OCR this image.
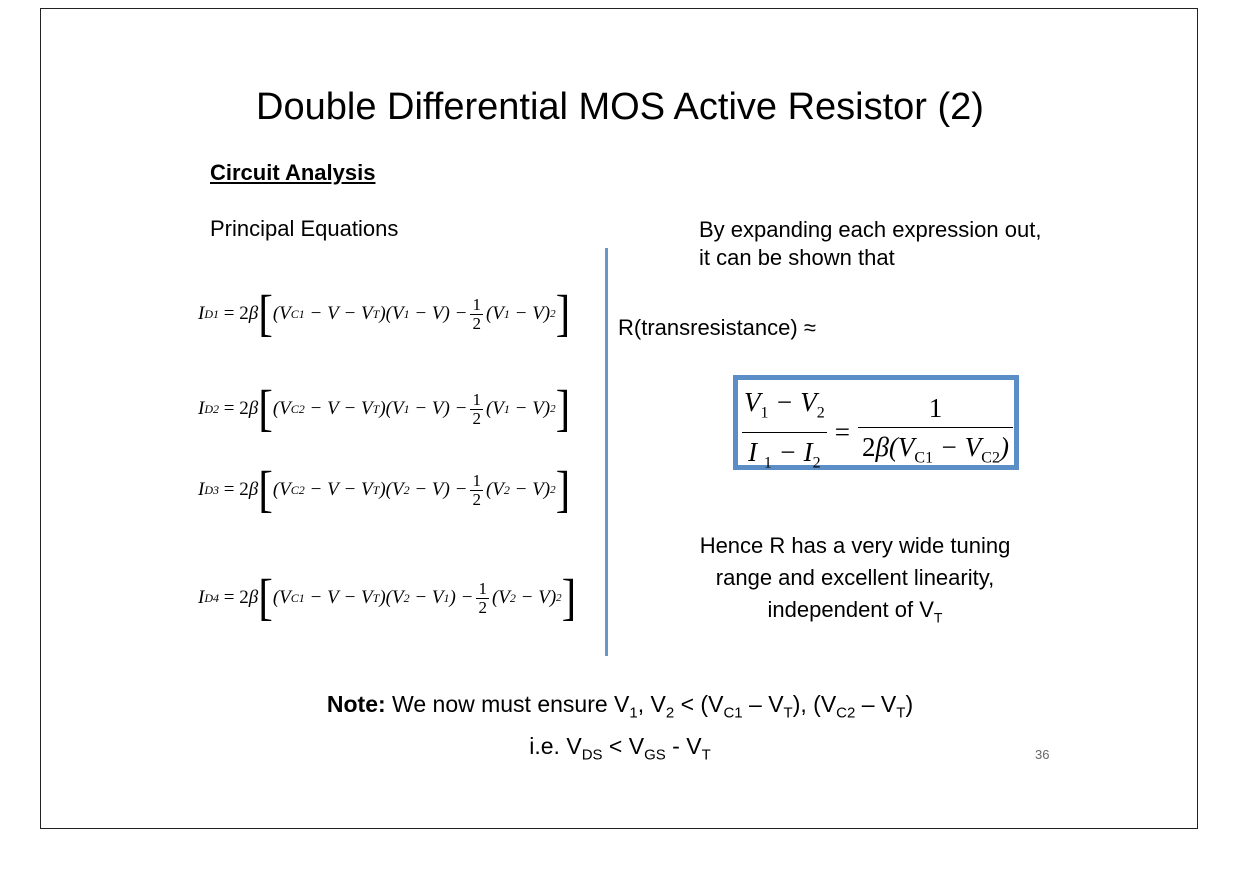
Double Differential MOS Active Resistor (2)
Circuit Analysis
Principal Equations	By expanding each expression out,
it can be shown that
I D1 = 2 β [ (V C1 − V − V T )(V $1 - V) - \frac{1}{2} (V$ 1 − V) 2 ]
I D2 = 2 β [ (V C2 − V − V T )(V $1 - V) - \frac{1}{2} (V$ 1 − V) 2 ]
I D3 = 2 β [ (V C2 − V − V T )(V $2 - V) - \frac{1}{2} (V$ 2 − V) 2 ]
I D4 = 2 β [ (V C1 − V − V T )(V 2 − V 1 ) − $\frac{1}{2} (V$ 2 − V) 2 ]
R(transresistance) ≈
$\frac{V_1 - V_2}{I _1 - I_2} = \frac{1}{2\beta(V_{C1} - V_{C2})}$
Hence R has a very wide tuning
range and excellent linearity,
independent of $V_T$
Note: We now must ensure $V_1$, $V_2 < (V_{C1} - V_T)$, $(V_{C2} - V_T)$
i.e. $V_{DS} < V_{GS} - V_T$	36
